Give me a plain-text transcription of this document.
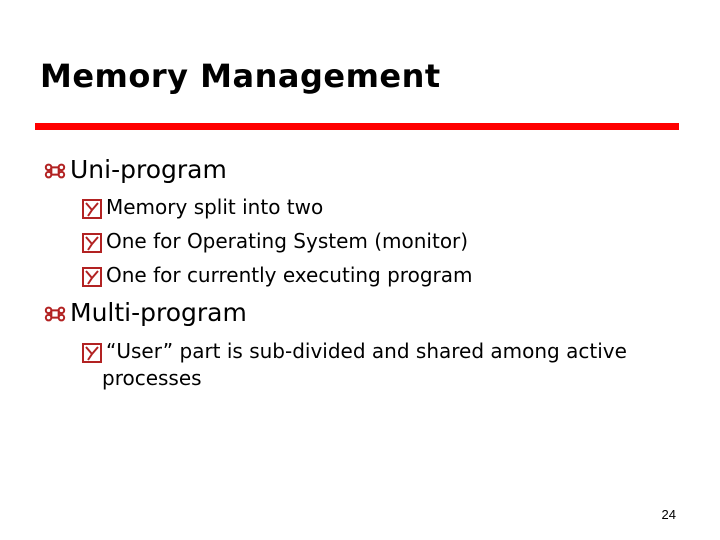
Memory Management
Uni-program
Memory split into two
One for Operating System (monitor)
One for currently executing program
Multi-program
“User” part is sub-divided and shared among active
processes
24
